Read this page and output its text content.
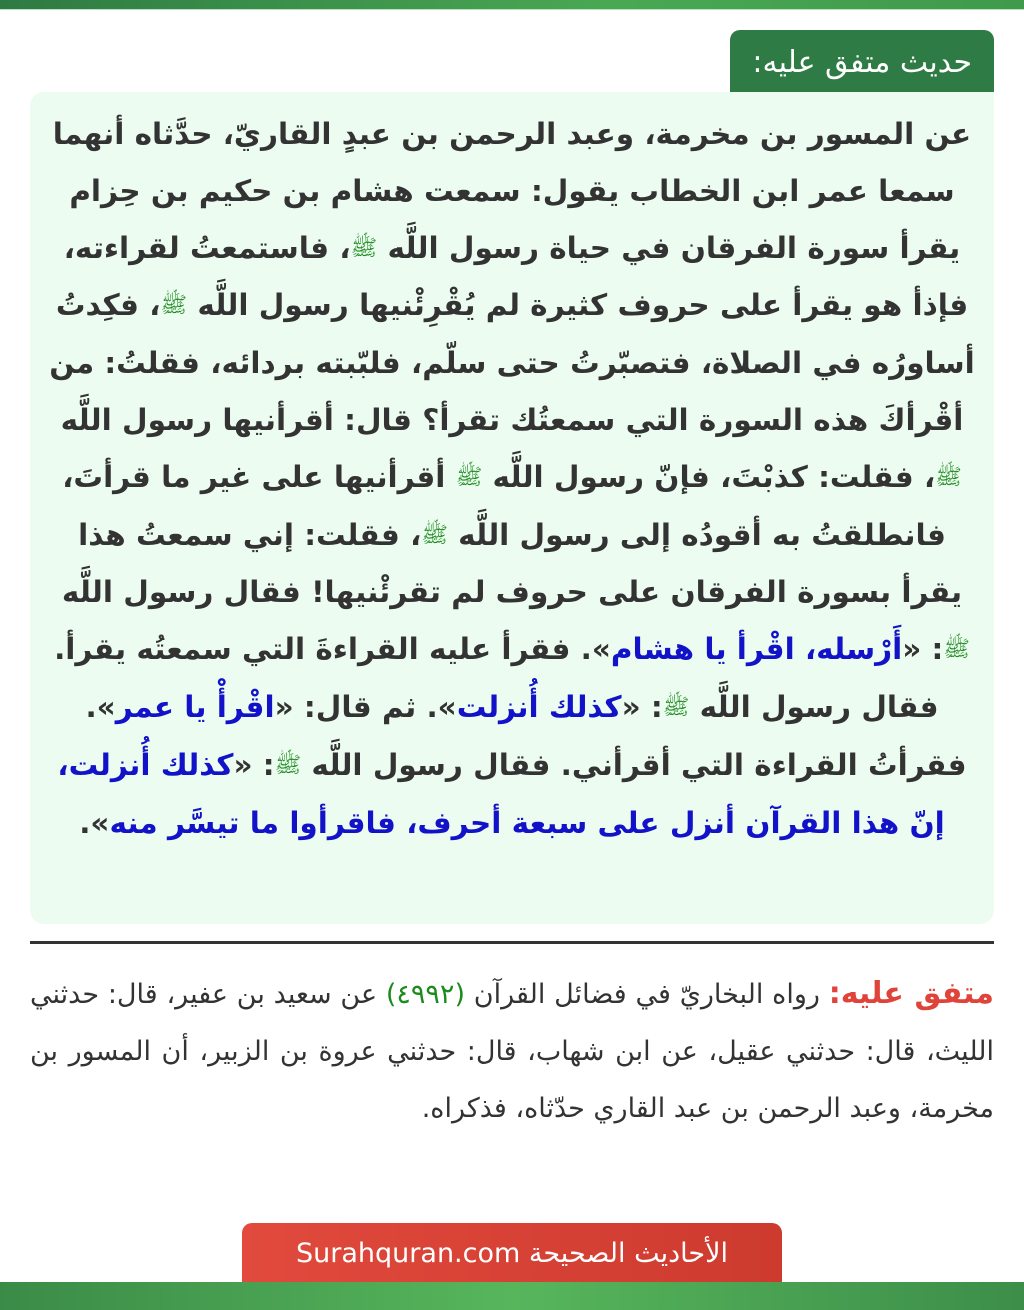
حديث متفق عليه:

عن المسور بن مخرمة، وعبد الرحمن بن عبدٍ القاريّ، حدَّثاه أنهما سمعا عمر ابن الخطاب يقول: سمعت هشام بن حكيم بن حِزام يقرأ سورة الفرقان في حياة رسول اللَّه ﷺ، فاستمعتُ لقراءته، فإذأ هو يقرأ على حروف كثيرة لم يُقْرِئْنيها رسول اللَّه ﷺ، فكِدتُ أساورُه في الصلاة، فتصبّرتُ حتى سلّم، فلبّبته بردائه، فقلتُ: من أقْرأكَ هذه السورة التي سمعتُك تقرأ؟ قال: أقرأنيها رسول اللَّه ﷺ، فقلت: كذبْتَ، فإنّ رسول اللَّه ﷺ أقرأنيها على غير ما قرأتَ، فانطلقتُ به أقودُه إلى رسول اللَّه ﷺ، فقلت: إني سمعتُ هذا يقرأ بسورة الفرقان على حروف لم تقرئْنيها! فقال رسول اللَّه ﷺ: «أَرْسله، اقْرأ يا هشام». فقرأ عليه القراءةَ التي سمعتُه يقرأ. فقال رسول اللَّه ﷺ: «كذلك أُنزلت». ثم قال: «اقْرأْ يا عمر». فقرأتُ القراءة التي أقرأني. فقال رسول اللَّه ﷺ: «كذلك أُنزلت، إنّ هذا القرآن أنزل على سبعة أحرف، فاقرأوا ما تيسَّر منه».

متفق عليه: رواه البخاريّ في فضائل القرآن (٤٩٩٢) عن سعيد بن عفير، قال: حدثني الليث، قال: حدثني عقيل، عن ابن شهاب، قال: حدثني عروة بن الزبير، أن المسور بن مخرمة، وعبد الرحمن بن عبد القاري حدّثاه، فذكراه.

الأحاديث الصحيحة Surahquran.com
